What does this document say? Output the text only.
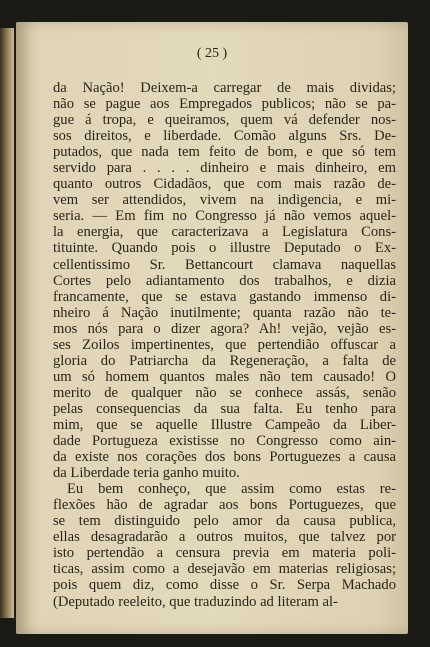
( 25 )
da Nação! Deixem-a carregar de mais dividas;
não se pague aos Empregados publicos; não se pa-
gue á tropa, e queiramos, quem vá defender nos-
sos direitos, e liberdade. Comão alguns Srs. De-
putados, que nada tem feito de bom, e que só tem
servido para . . . . dinheiro e mais dinheiro, em
quanto outros Cidadãos, que com mais razão de-
vem ser attendidos, vivem na indigencia, e mi-
seria. — Em fim no Congresso já não vemos aquel-
la energia, que caracterizava a Legislatura Cons-
tituinte. Quando pois o illustre Deputado o Ex-
cellentissimo Sr. Bettancourt clamava naquellas
Cortes pelo adiantamento dos trabalhos, e dizia
francamente, que se estava gastando immenso di-
nheiro á Nação inutilmente; quanta razão não te-
mos nós para o dizer agora? Ah! vejão, vejão es-
ses Zoilos impertinentes, que pertendião offuscar a
gloria do Patriarcha da Regeneração, a falta de
um só homem quantos males não tem causado! O
merito de qualquer não se conhece assás, senão
pelas consequencias da sua falta. Eu tenho para
mim, que se aquelle Illustre Campeão da Liber-
dade Portugueza existisse no Congresso como ain-
da existe nos corações dos bons Portuguezes a causa
da Liberdade teria ganho muito.
Eu bem conheço, que assim como estas re-
flexões hão de agradar aos bons Portuguezes, que
se tem distinguido pelo amor da causa publica,
ellas desagradarão a outros muitos, que talvez por
isto pertendão a censura previa em materia poli-
ticas, assim como a desejavão em materias religiosas;
pois quem diz, como disse o Sr. Serpa Machado
(Deputado reeleito, que traduzindo ad literam al-
